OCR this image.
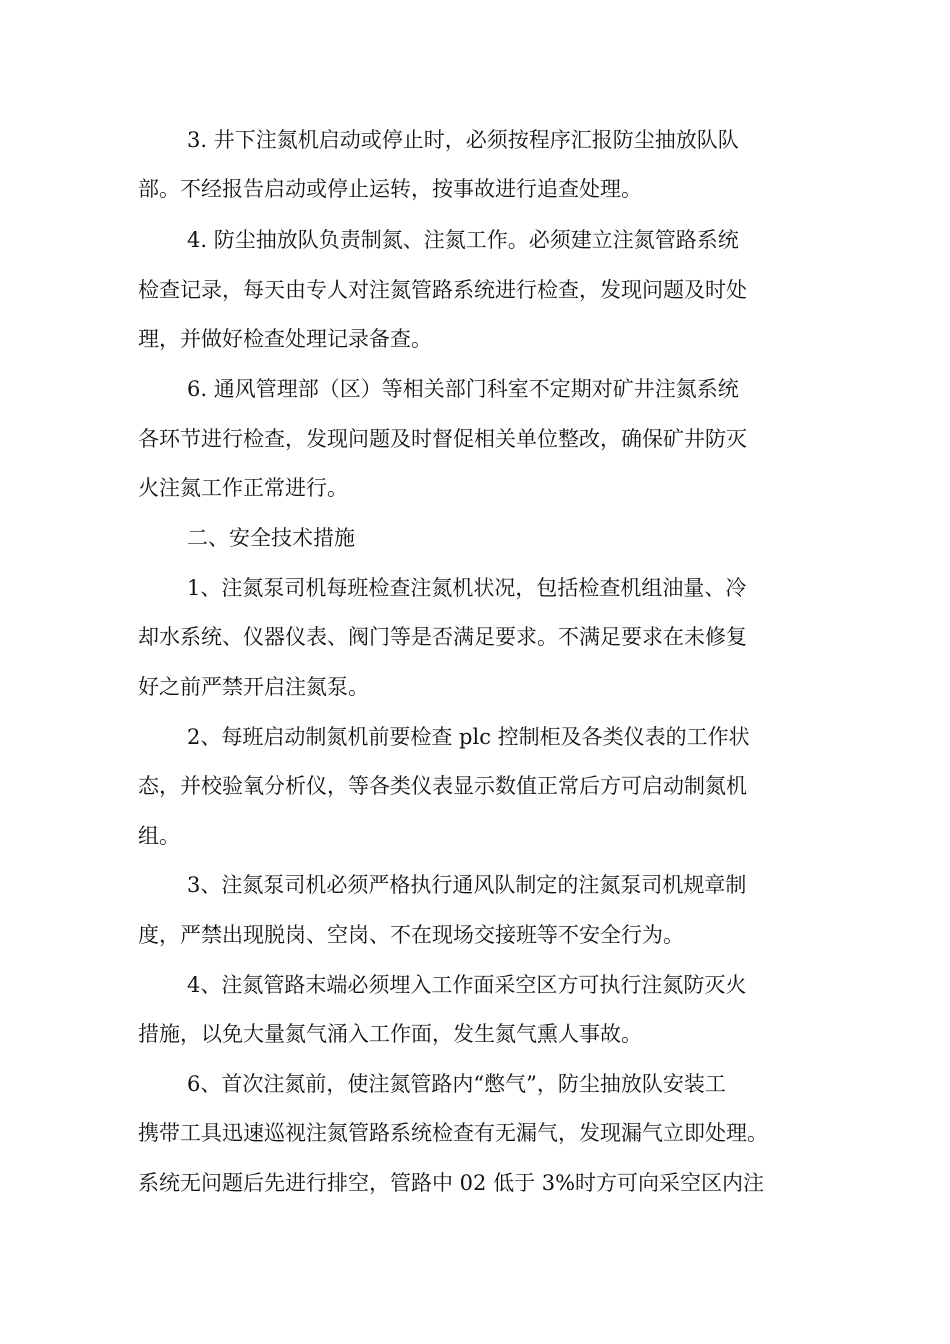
3. 井下注氮机启动或停止时，必须按程序汇报防尘抽放队队
部。不经报告启动或停止运转，按事故进行追查处理。
4. 防尘抽放队负责制氮、注氮工作。必须建立注氮管路系统
检查记录，每天由专人对注氮管路系统进行检查，发现问题及时处
理，并做好检查处理记录备查。
6. 通风管理部（区）等相关部门科室不定期对矿井注氮系统
各环节进行检查，发现问题及时督促相关单位整改，确保矿井防灭
火注氮工作正常进行。
二、安全技术措施
1、注氮泵司机每班检查注氮机状况，包括检查机组油量、冷
却水系统、仪器仪表、阀门等是否满足要求。不满足要求在未修复
好之前严禁开启注氮泵。
2、每班启动制氮机前要检查 plc 控制柜及各类仪表的工作状
态，并校验氧分析仪，等各类仪表显示数值正常后方可启动制氮机
组。
3、注氮泵司机必须严格执行通风队制定的注氮泵司机规章制
度，严禁出现脱岗、空岗、不在现场交接班等不安全行为。
4、注氮管路末端必须埋入工作面采空区方可执行注氮防灭火
措施，以免大量氮气涌入工作面，发生氮气熏人事故。
6、首次注氮前，使注氮管路内“憋气”，防尘抽放队安装工
携带工具迅速巡视注氮管路系统检查有无漏气，发现漏气立即处理。
系统无问题后先进行排空，管路中 02 低于 3%时方可向采空区内注
